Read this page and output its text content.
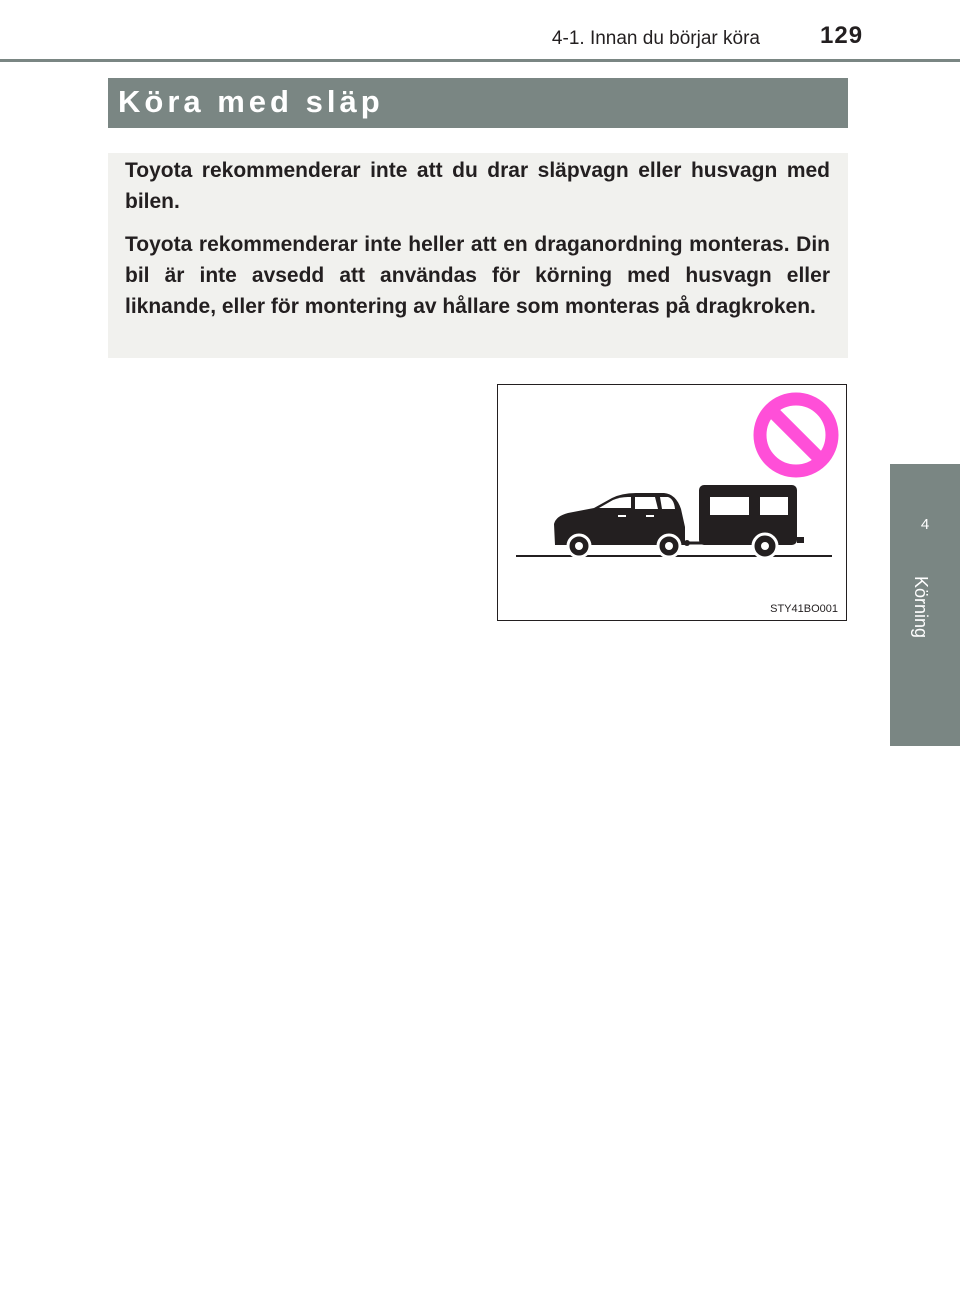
4-1. Innan du börjar köra	129
Köra med släp

Toyota rekommenderar inte att du drar släpvagn eller husvagn med bilen.

Toyota rekommenderar inte heller att en draganordning monteras. Din bil är inte avsedd att användas för körning med husvagn eller liknande, eller för montering av hållare som monteras på dragkroken.

STY41BO001
4
Körning
